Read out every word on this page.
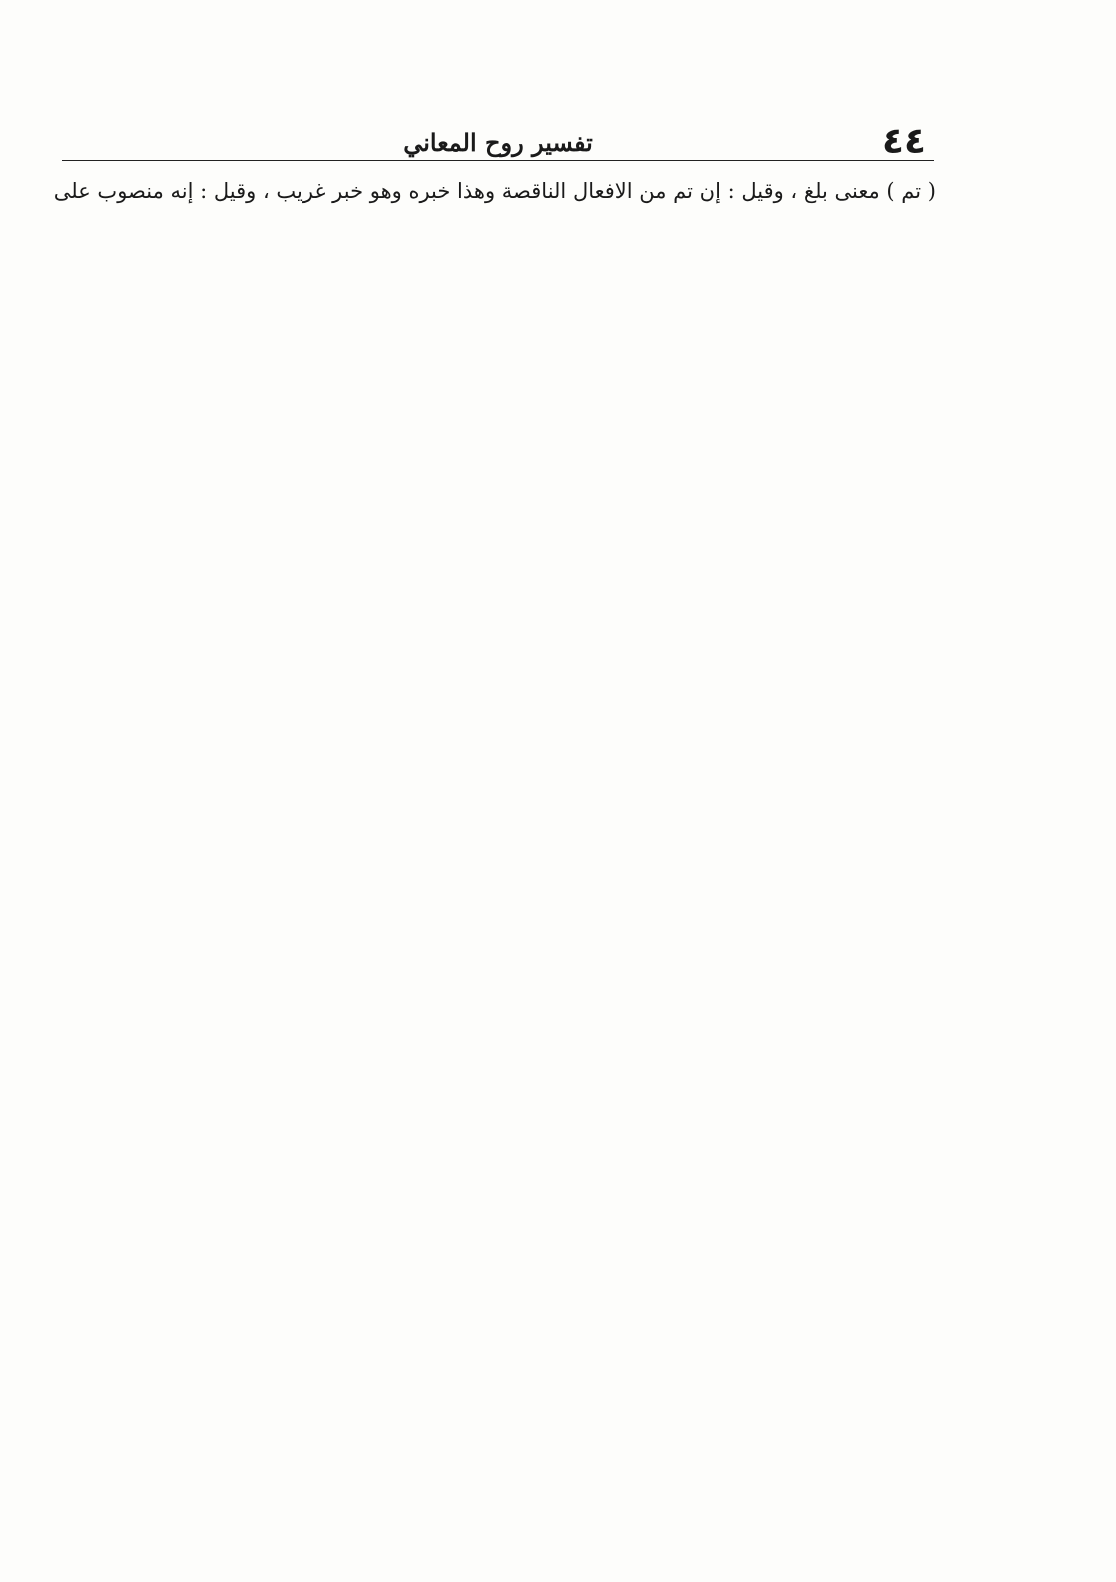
٤٤
تفسير روح المعاني
( تم ) معنى بلغ ، وقيل : إن تم من الافعال الناقصة وهذا خبره وهو خبر غريب ، وقيل : إنه منصوب على
